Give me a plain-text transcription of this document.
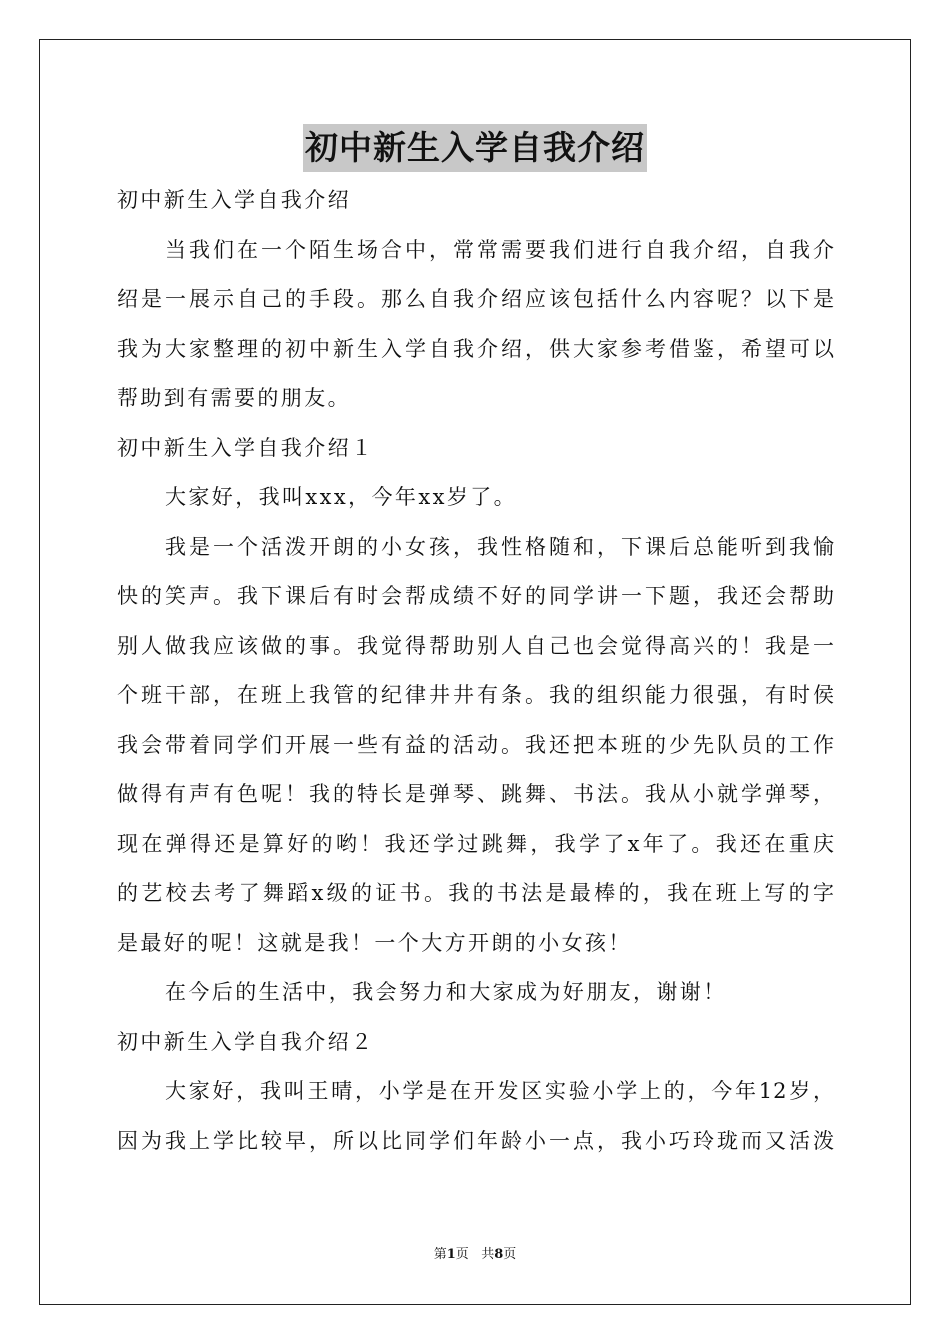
初中新生入学自我介绍
初中新生入学自我介绍
当我们在一个陌生场合中，常常需要我们进行自我介绍，自我介
绍是一展示自己的手段。那么自我介绍应该包括什么内容呢？以下是
我为大家整理的初中新生入学自我介绍，供大家参考借鉴，希望可以
帮助到有需要的朋友。
初中新生入学自我介绍１
大家好，我叫xxx，今年xx岁了。
我是一个活泼开朗的小女孩，我性格随和，下课后总能听到我愉
快的笑声。我下课后有时会帮成绩不好的同学讲一下题，我还会帮助
别人做我应该做的事。我觉得帮助别人自己也会觉得高兴的！我是一
个班干部，在班上我管的纪律井井有条。我的组织能力很强，有时侯
我会带着同学们开展一些有益的活动。我还把本班的少先队员的工作
做得有声有色呢！我的特长是弹琴、跳舞、书法。我从小就学弹琴，
现在弹得还是算好的哟！我还学过跳舞，我学了x年了。我还在重庆
的艺校去考了舞蹈x级的证书。我的书法是最棒的，我在班上写的字
是最好的呢！这就是我！一个大方开朗的小女孩！
在今后的生活中，我会努力和大家成为好朋友，谢谢！
初中新生入学自我介绍２
大家好，我叫王晴，小学是在开发区实验小学上的，今年12岁，
因为我上学比较早，所以比同学们年龄小一点，我小巧玲珑而又活泼
第1页 共8页
